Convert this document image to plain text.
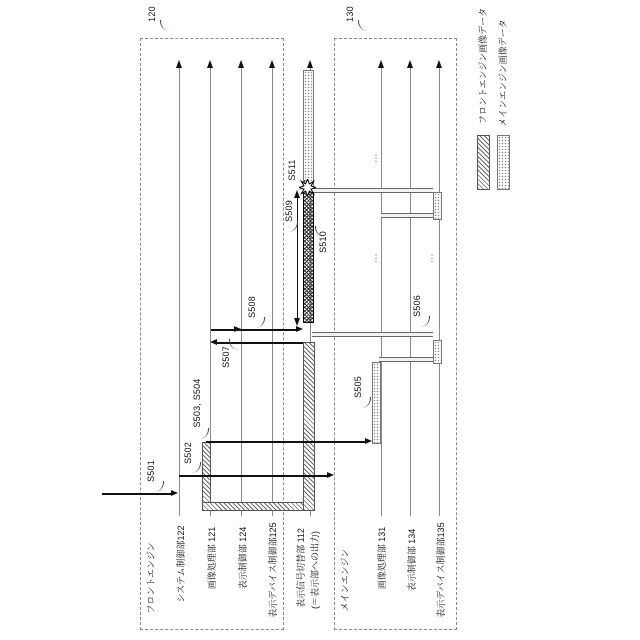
120	130
⋮
⋮	⋮
S501
S502
S503, S504	S505
S506
S507
S508
S509
S510
S511
フロントエンジン	メインエンジン
システム制御部122 画像処理部 121 表示制御部 124 表示デバイス制御部125 表示信号切替部 112 (＝表示部への出力)	画像処理部 131 表示制御部 134 表示デバイス制御部135
フロントエンジン画像データ メインエンジン画像データ
